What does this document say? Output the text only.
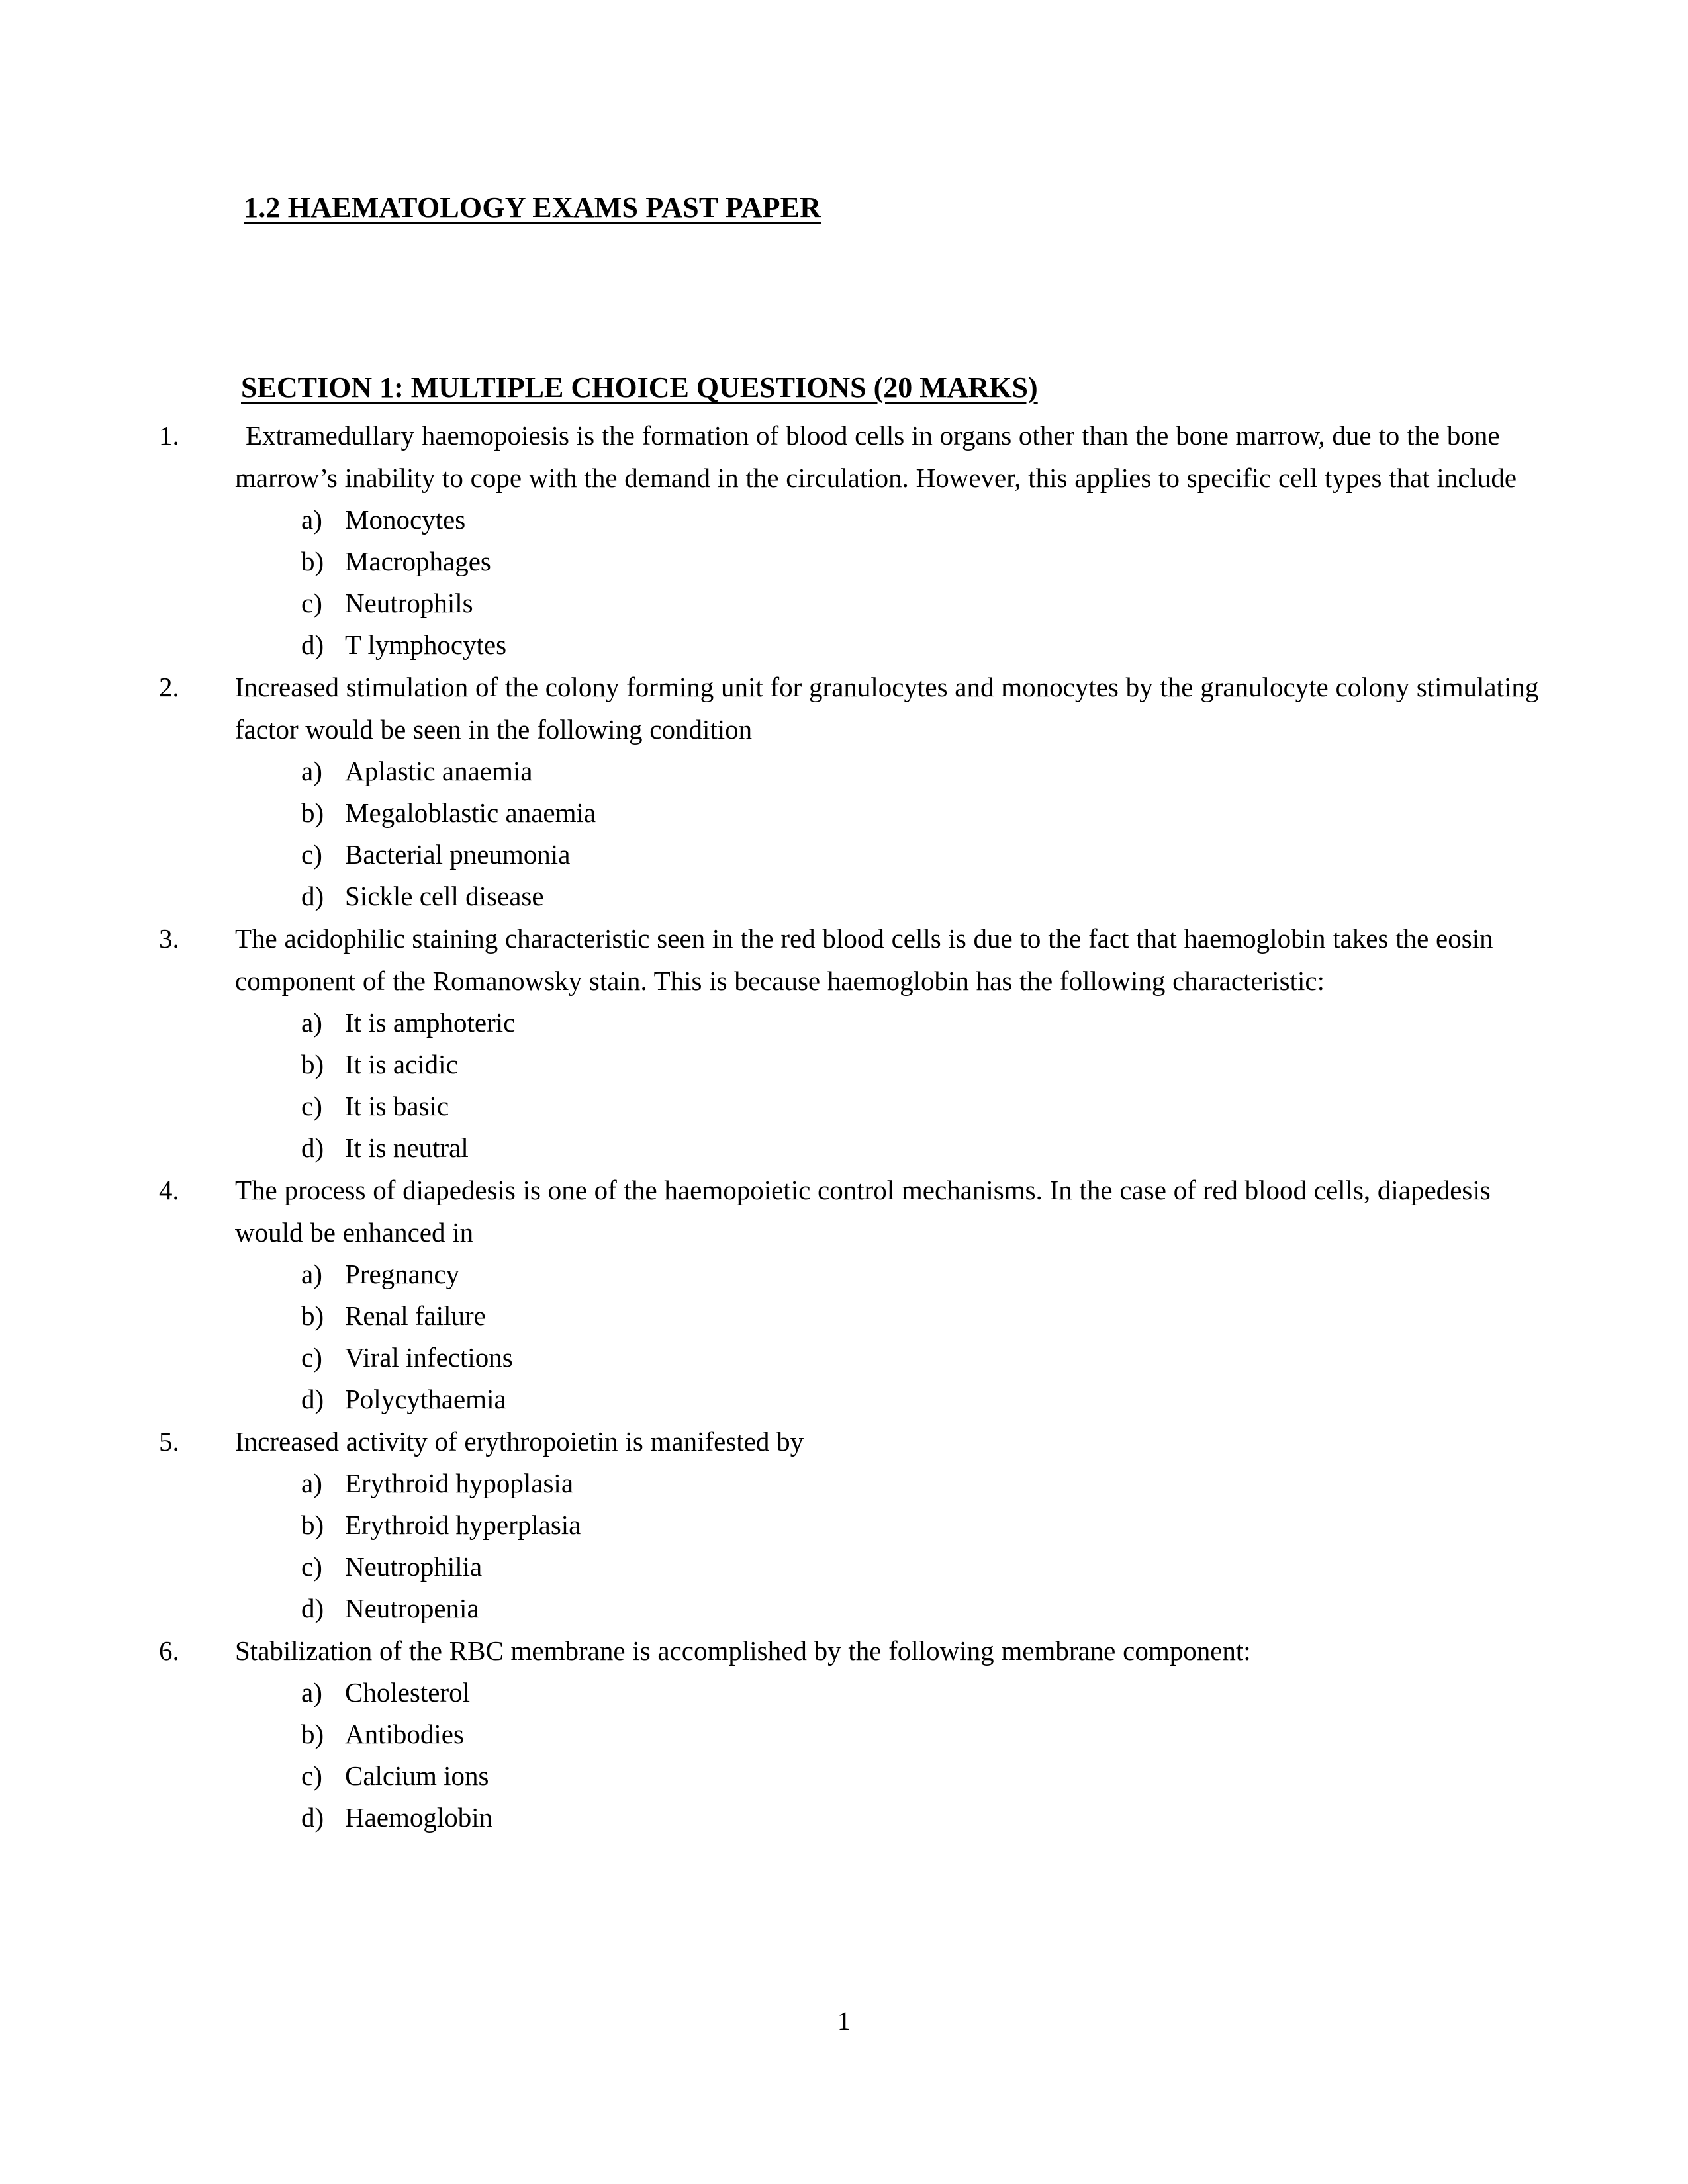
1.2 HAEMATOLOGY EXAMS PAST PAPER
SECTION 1: MULTIPLE CHOICE QUESTIONS (20 MARKS)
1.	Extramedullary haemopoiesis is the formation of blood cells in organs other than the bone marrow, due to the bone marrow’s inability to cope with the demand in the circulation. However, this applies to specific cell types that include
a) Monocytes
b) Macrophages
c) Neutrophils
d) T lymphocytes
2.	Increased stimulation of the colony forming unit for granulocytes and monocytes by the granulocyte colony stimulating factor would be seen in the following condition
a) Aplastic anaemia
b) Megaloblastic anaemia
c) Bacterial pneumonia
d) Sickle cell disease
3.	The acidophilic staining characteristic seen in the red blood cells is due to the fact that haemoglobin takes the eosin component of the Romanowsky stain. This is because haemoglobin has the following characteristic:
a) It is amphoteric
b) It is acidic
c) It is basic
d) It is neutral
4.	The process of diapedesis is one of the haemopoietic control mechanisms. In the case of red blood cells, diapedesis would be enhanced in
a) Pregnancy
b) Renal failure
c) Viral infections
d) Polycythaemia
5.	Increased activity of erythropoietin is manifested by
a) Erythroid hypoplasia
b) Erythroid hyperplasia
c) Neutrophilia
d) Neutropenia
6.	Stabilization of the RBC membrane is accomplished by the following membrane component:
a) Cholesterol
b) Antibodies
c) Calcium ions
d) Haemoglobin
1
